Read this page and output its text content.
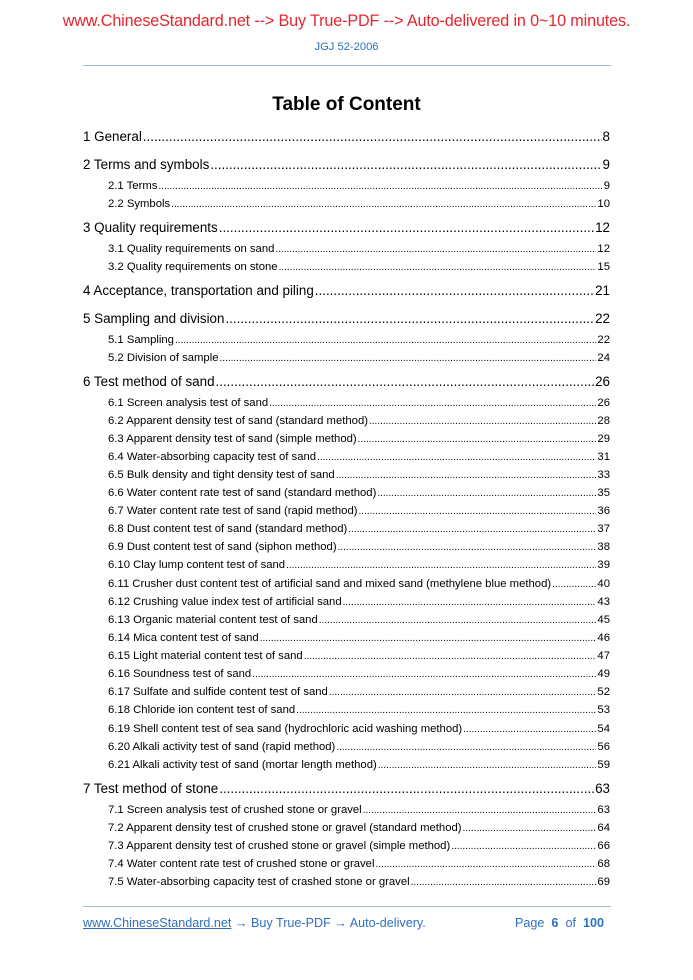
www.ChineseStandard.net --> Buy True-PDF --> Auto-delivered in 0~10 minutes.
JGJ 52-2006
Table of Content
1 General .....	8
2 Terms and symbols .....	9
2.1 Terms .....	9
2.2 Symbols .....	10
3 Quality requirements .....	12
3.1 Quality requirements on sand .....	12
3.2 Quality requirements on stone .....	15
4 Acceptance, transportation and piling .....	21
5 Sampling and division .....	22
5.1 Sampling .....	22
5.2 Division of sample .....	24
6 Test method of sand .....	26
6.1 Screen analysis test of sand .....	26
6.2 Apparent density test of sand (standard method) .....	28
6.3 Apparent density test of sand (simple method) .....	29
6.4 Water-absorbing capacity test of sand .....	31
6.5 Bulk density and tight density test of sand .....	33
6.6 Water content rate test of sand (standard method) .....	35
6.7 Water content rate test of sand (rapid method) .....	36
6.8 Dust content test of sand (standard method) .....	37
6.9 Dust content test of sand (siphon method) .....	38
6.10 Clay lump content test of sand .....	39
6.11 Crusher dust content test of artificial sand and mixed sand (methylene blue method) .....	40
6.12 Crushing value index test of artificial sand .....	43
6.13 Organic material content test of sand .....	45
6.14 Mica content test of sand .....	46
6.15 Light material content test of sand .....	47
6.16 Soundness test of sand .....	49
6.17 Sulfate and sulfide content test of sand .....	52
6.18 Chloride ion content test of sand .....	53
6.19 Shell content test of sea sand (hydrochloric acid washing method) .....	54
6.20 Alkali activity test of sand (rapid method) .....	56
6.21 Alkali activity test of sand (mortar length method) .....	59
7 Test method of stone .....	63
7.1 Screen analysis test of crushed stone or gravel .....	63
7.2 Apparent density test of crushed stone or gravel (standard method) .....	64
7.3 Apparent density test of crushed stone or gravel (simple method) .....	66
7.4 Water content rate test of crushed stone or gravel .....	68
7.5 Water-absorbing capacity test of crashed stone or gravel .....	69
www.ChineseStandard.net → Buy True-PDF → Auto-delivery.	Page 6 of 100
